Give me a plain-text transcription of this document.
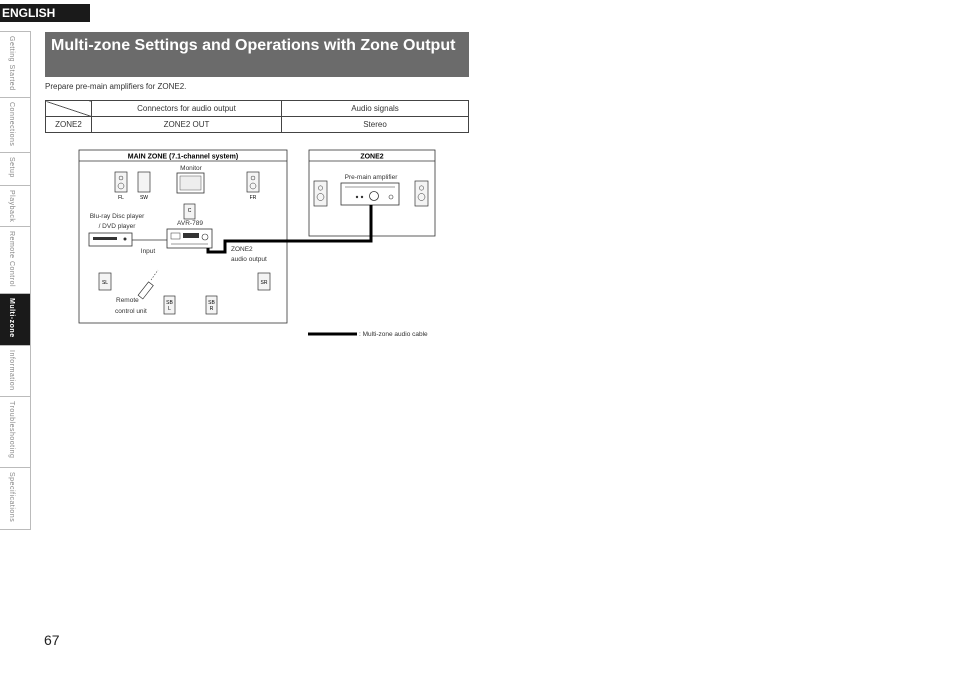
ENGLISH
Getting Started
Connections
Setup
Playback
Remote Control
Multi-zone
Information
Troubleshooting
Specifications
Multi-zone Settings and Operations with Zone Output
Prepare pre-main amplifiers for ZONE2.
	Connectors for audio output	Audio signals
ZONE2	ZONE2 OUT	Stereo
MAIN ZONE (7.1-channel system)	ZONE2
Monitor
FL	SW	FR
C
Blu-ray Disc player
/ DVD player	AVR-789
Input	ZONE2
audio output
SL	SR
SB
L
SB
R
Remote
control unit
Pre-main amplifier
: Multi-zone audio cable
67
